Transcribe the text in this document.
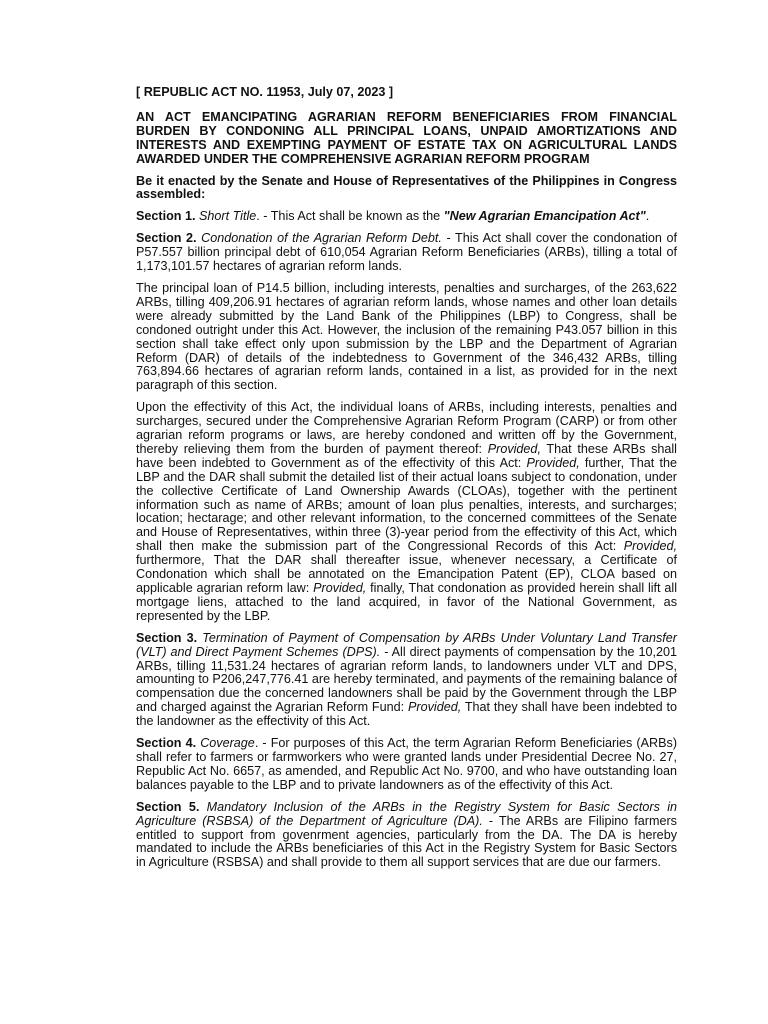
[ REPUBLIC ACT NO. 11953, July 07, 2023 ]

AN ACT EMANCIPATING AGRARIAN REFORM BENEFICIARIES FROM FINANCIAL BURDEN BY CONDONING ALL PRINCIPAL LOANS, UNPAID AMORTIZATIONS AND INTERESTS AND EXEMPTING PAYMENT OF ESTATE TAX ON AGRICULTURAL LANDS AWARDED UNDER THE COMPREHENSIVE AGRARIAN REFORM PROGRAM

Be it enacted by the Senate and House of Representatives of the Philippines in Congress assembled:

Section 1. Short Title. - This Act shall be known as the "New Agrarian Emancipation Act".

Section 2. Condonation of the Agrarian Reform Debt. - This Act shall cover the condonation of P57.557 billion principal debt of 610,054 Agrarian Reform Beneficiaries (ARBs), tilling a total of 1,173,101.57 hectares of agrarian reform lands.

The principal loan of P14.5 billion, including interests, penalties and surcharges, of the 263,622 ARBs, tilling 409,206.91 hectares of agrarian reform lands, whose names and other loan details were already submitted by the Land Bank of the Philippines (LBP) to Congress, shall be condoned outright under this Act. However, the inclusion of the remaining P43.057 billion in this section shall take effect only upon submission by the LBP and the Department of Agrarian Reform (DAR) of details of the indebtedness to Government of the 346,432 ARBs, tilling 763,894.66 hectares of agrarian reform lands, contained in a list, as provided for in the next paragraph of this section.

Upon the effectivity of this Act, the individual loans of ARBs, including interests, penalties and surcharges, secured under the Comprehensive Agrarian Reform Program (CARP) or from other agrarian reform programs or laws, are hereby condoned and written off by the Government, thereby relieving them from the burden of payment thereof: Provided, That these ARBs shall have been indebted to Government as of the effectivity of this Act: Provided, further, That the LBP and the DAR shall submit the detailed list of their actual loans subject to condonation, under the collective Certificate of Land Ownership Awards (CLOAs), together with the pertinent information such as name of ARBs; amount of loan plus penalties, interests, and surcharges; location; hectarage; and other relevant information, to the concerned committees of the Senate and House of Representatives, within three (3)-year period from the effectivity of this Act, which shall then make the submission part of the Congressional Records of this Act: Provided, furthermore, That the DAR shall thereafter issue, whenever necessary, a Certificate of Condonation which shall be annotated on the Emancipation Patent (EP), CLOA based on applicable agrarian reform law: Provided, finally, That condonation as provided herein shall lift all mortgage liens, attached to the land acquired, in favor of the National Government, as represented by the LBP.

Section 3. Termination of Payment of Compensation by ARBs Under Voluntary Land Transfer (VLT) and Direct Payment Schemes (DPS). - All direct payments of compensation by the 10,201 ARBs, tilling 11,531.24 hectares of agrarian reform lands, to landowners under VLT and DPS, amounting to P206,247,776.41 are hereby terminated, and payments of the remaining balance of compensation due the concerned landowners shall be paid by the Government through the LBP and charged against the Agrarian Reform Fund: Provided, That they shall have been indebted to the landowner as the effectivity of this Act.

Section 4. Coverage. - For purposes of this Act, the term Agrarian Reform Beneficiaries (ARBs) shall refer to farmers or farmworkers who were granted lands under Presidential Decree No. 27, Republic Act No. 6657, as amended, and Republic Act No. 9700, and who have outstanding loan balances payable to the LBP and to private landowners as of the effectivity of this Act.

Section 5. Mandatory Inclusion of the ARBs in the Registry System for Basic Sectors in Agriculture (RSBSA) of the Department of Agriculture (DA). - The ARBs are Filipino farmers entitled to support from govenrment agencies, particularly from the DA. The DA is hereby mandated to include the ARBs beneficiaries of this Act in the Registry System for Basic Sectors in Agriculture (RSBSA) and shall provide to them all support services that are due our farmers.
